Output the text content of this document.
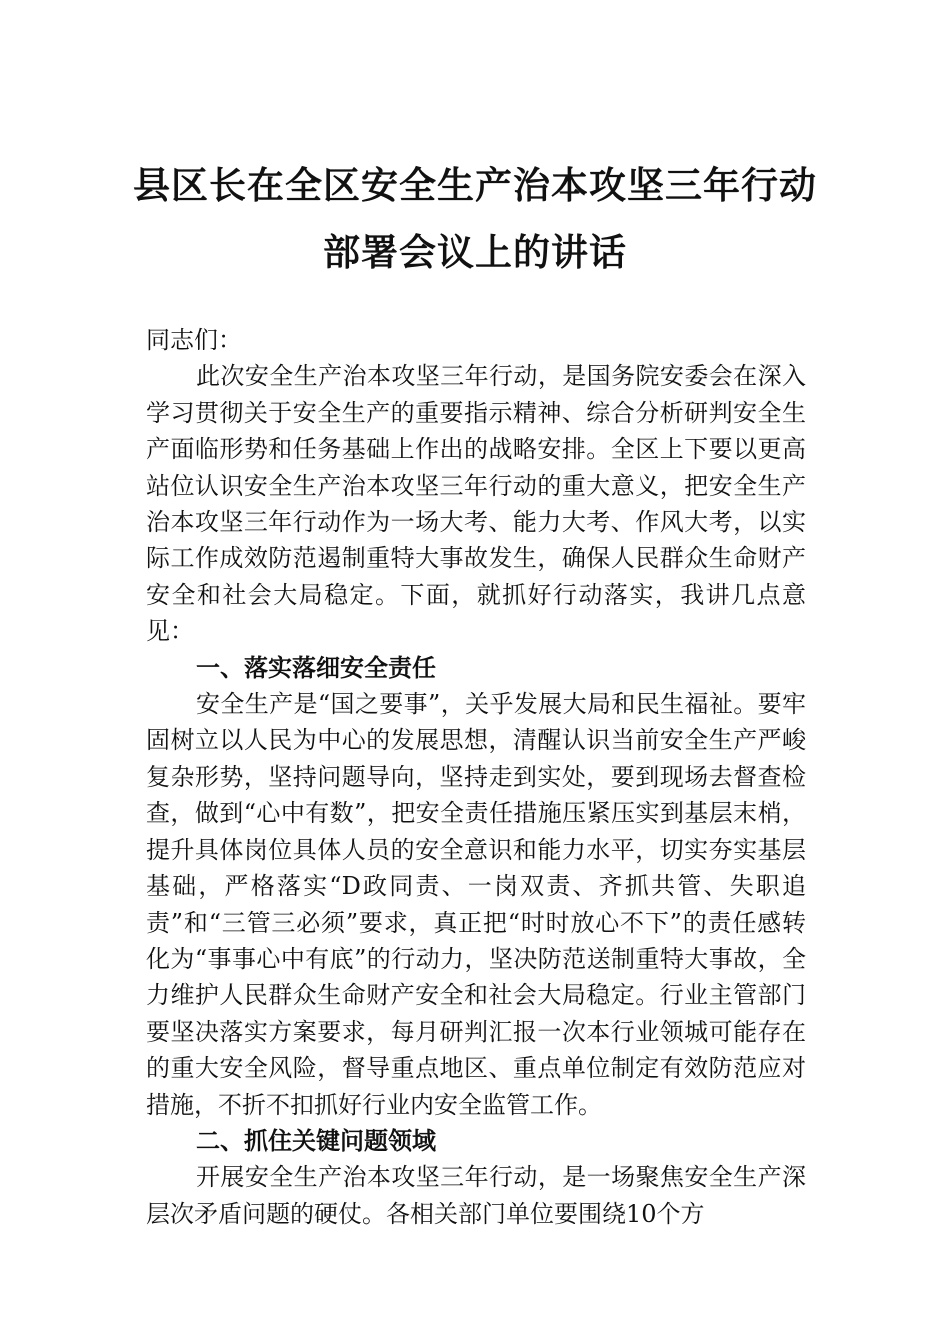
县区长在全区安全生产治本攻坚三年行动
部署会议上的讲话

同志们：

此次安全生产治本攻坚三年行动，是国务院安委会在深入学习贯彻关于安全生产的重要指示精神、综合分析研判安全生产面临形势和任务基础上作出的战略安排。全区上下要以更高站位认识安全生产治本攻坚三年行动的重大意义，把安全生产治本攻坚三年行动作为一场大考、能力大考、作风大考，以实际工作成效防范遏制重特大事故发生，确保人民群众生命财产安全和社会大局稳定。下面，就抓好行动落实，我讲几点意见：

一、落实落细安全责任

安全生产是“国之要事”，关乎发展大局和民生福祉。要牢固树立以人民为中心的发展思想，清醒认识当前安全生产严峻复杂形势，坚持问题导向，坚持走到实处，要到现场去督查检查，做到“心中有数”，把安全责任措施压紧压实到基层末梢，提升具体岗位具体人员的安全意识和能力水平，切实夯实基层基础，严格落实“D政同责、一岗双责、齐抓共管、失职追责”和“三管三必须”要求，真正把“时时放心不下”的责任感转化为“事事心中有底”的行动力，坚决防范送制重特大事故，全力维护人民群众生命财产安全和社会大局稳定。行业主管部门要坚决落实方案要求，每月研判汇报一次本行业领城可能存在的重大安全风险，督导重点地区、重点单位制定有效防范应对措施，不折不扣抓好行业内安全监管工作。

二、抓住关键问题领域

开展安全生产治本攻坚三年行动，是一场聚焦安全生产深层次矛盾问题的硬仗。各相关部门单位要围绕10个方
